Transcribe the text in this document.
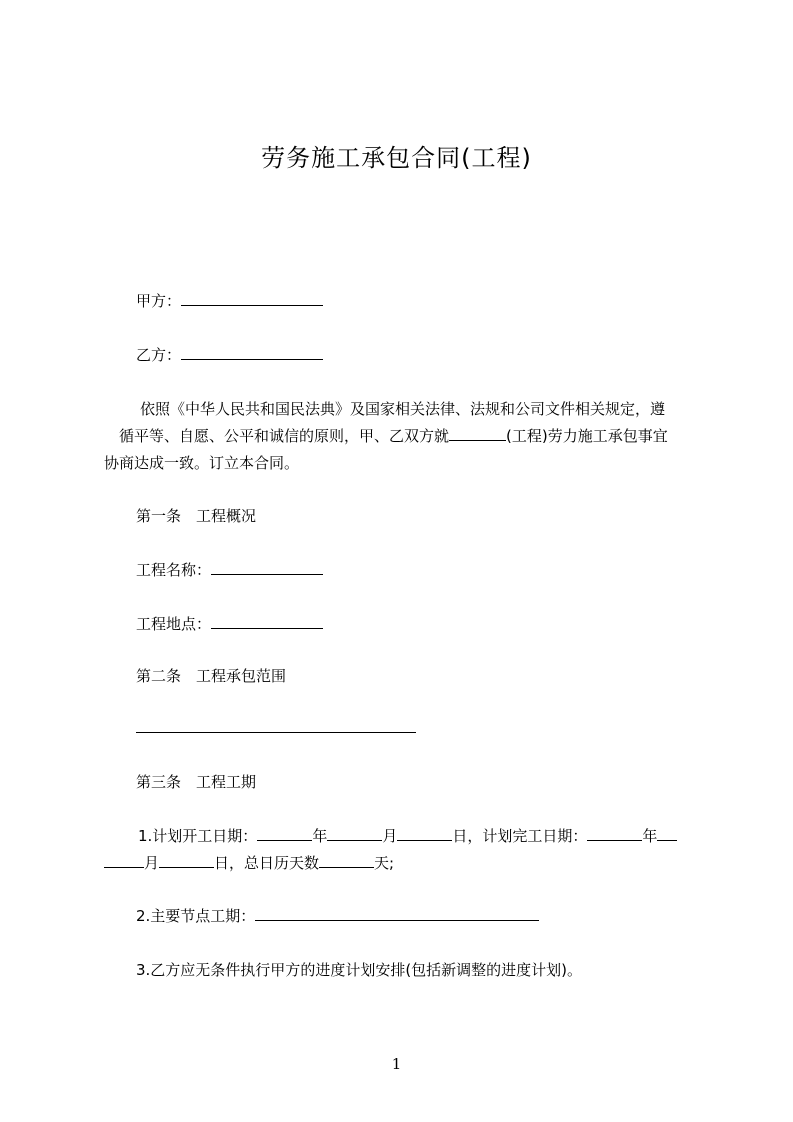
劳务施工承包合同(工程)
甲方：
乙方：
依照《中华人民共和国民法典》及国家相关法律、法规和公司文件相关规定，遵
循平等、自愿、公平和诚信的原则，甲、乙双方就	(工程)劳力施工承包事宜
协商达成一致。订立本合同。
第一条　工程概况
工程名称：
工程地点：
第二条　工程承包范围
第三条　工程工期
1.计划开工日期：	年	月	日，计划完工日期：	年
月	日，总日历天数	天;
2.主要节点工期：
3.乙方应无条件执行甲方的进度计划安排(包括新调整的进度计划)。
1
